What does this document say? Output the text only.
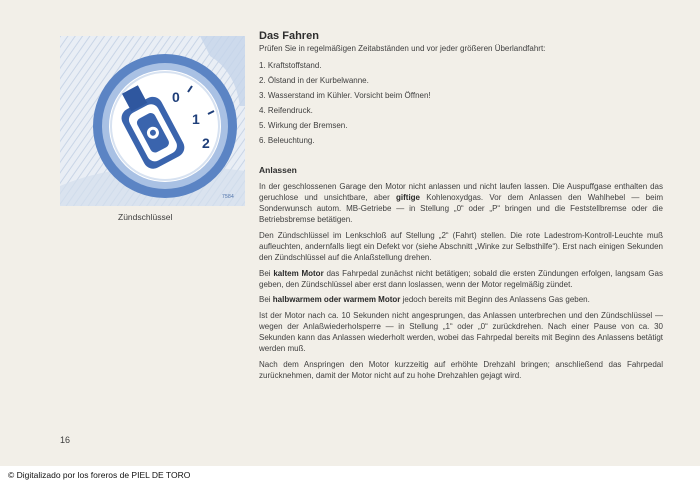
0
1
2
7584
Zündschlüssel

Das Fahren

Prüfen Sie in regelmäßigen Zeitabständen und vor jeder größeren Überlandfahrt:

1. Kraftstoffstand.
2. Ölstand in der Kurbelwanne.
3. Wasserstand im Kühler. Vorsicht beim Öffnen!
4. Reifendruck.
5. Wirkung der Bremsen.
6. Beleuchtung.

Anlassen

In der geschlossenen Garage den Motor nicht anlassen und nicht laufen lassen. Die Auspuffgase enthalten das geruchlose und unsichtbare, aber giftige Kohlenoxydgas. Vor dem Anlassen den Wahlhebel — beim Sonderwunsch autom. MB-Getriebe — in Stellung „0“ oder „P“ bringen und die Feststellbremse oder die Betriebsbremse betätigen.

Den Zündschlüssel im Lenkschloß auf Stellung „2“ (Fahrt) stellen. Die rote Ladestrom-Kontroll-Leuchte muß aufleuchten, andernfalls liegt ein Defekt vor (siehe Abschnitt „Winke zur Selbsthilfe“). Erst nach einigen Sekunden den Zündschlüssel auf die Anlaßstellung drehen.

Bei kaltem Motor das Fahrpedal zunächst nicht betätigen; sobald die ersten Zündungen erfolgen, langsam Gas geben, den Zündschlüssel aber erst dann loslassen, wenn der Motor regelmäßig zündet.

Bei halbwarmem oder warmem Motor jedoch bereits mit Beginn des Anlassens Gas geben.

Ist der Motor nach ca. 10 Sekunden nicht angesprungen, das Anlassen unterbrechen und den Zündschlüssel — wegen der Anlaßwiederholsperre — in Stellung „1“ oder „0“ zurückdrehen. Nach einer Pause von ca. 30 Sekunden kann das Anlassen wiederholt werden, wobei das Fahrpedal bereits mit Beginn des Anlassens betätigt werden muß.

Nach dem Anspringen den Motor kurzzeitig auf erhöhte Drehzahl bringen; anschließend das Fahrpedal zurücknehmen, damit der Motor nicht auf zu hohe Drehzahlen gejagt wird.

16
© Digitalizado por los foreros de PIEL DE TORO
